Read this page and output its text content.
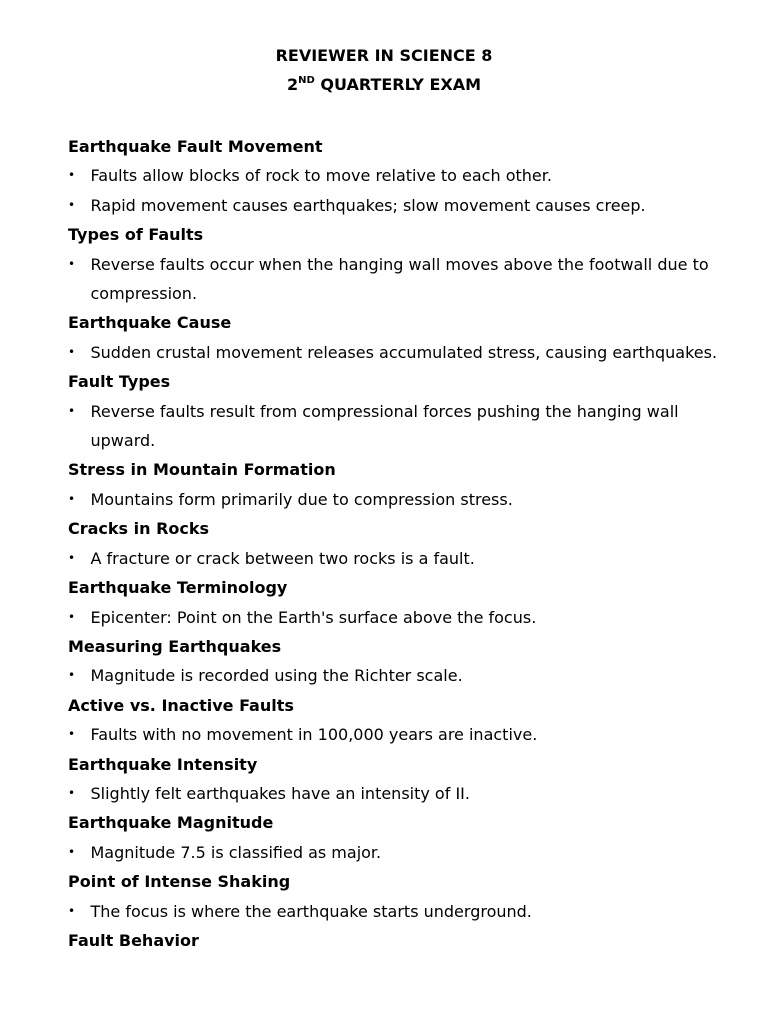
REVIEWER IN SCIENCE 8
2ND QUARTERLY EXAM
Earthquake Fault Movement
• Faults allow blocks of rock to move relative to each other.
• Rapid movement causes earthquakes; slow movement causes creep.
Types of Faults
• Reverse faults occur when the hanging wall moves above the footwall due to compression.
Earthquake Cause
• Sudden crustal movement releases accumulated stress, causing earthquakes.
Fault Types
• Reverse faults result from compressional forces pushing the hanging wall upward.
Stress in Mountain Formation
• Mountains form primarily due to compression stress.
Cracks in Rocks
• A fracture or crack between two rocks is a fault.
Earthquake Terminology
• Epicenter: Point on the Earth's surface above the focus.
Measuring Earthquakes
• Magnitude is recorded using the Richter scale.
Active vs. Inactive Faults
• Faults with no movement in 100,000 years are inactive.
Earthquake Intensity
• Slightly felt earthquakes have an intensity of II.
Earthquake Magnitude
• Magnitude 7.5 is classified as major.
Point of Intense Shaking
• The focus is where the earthquake starts underground.
Fault Behavior
